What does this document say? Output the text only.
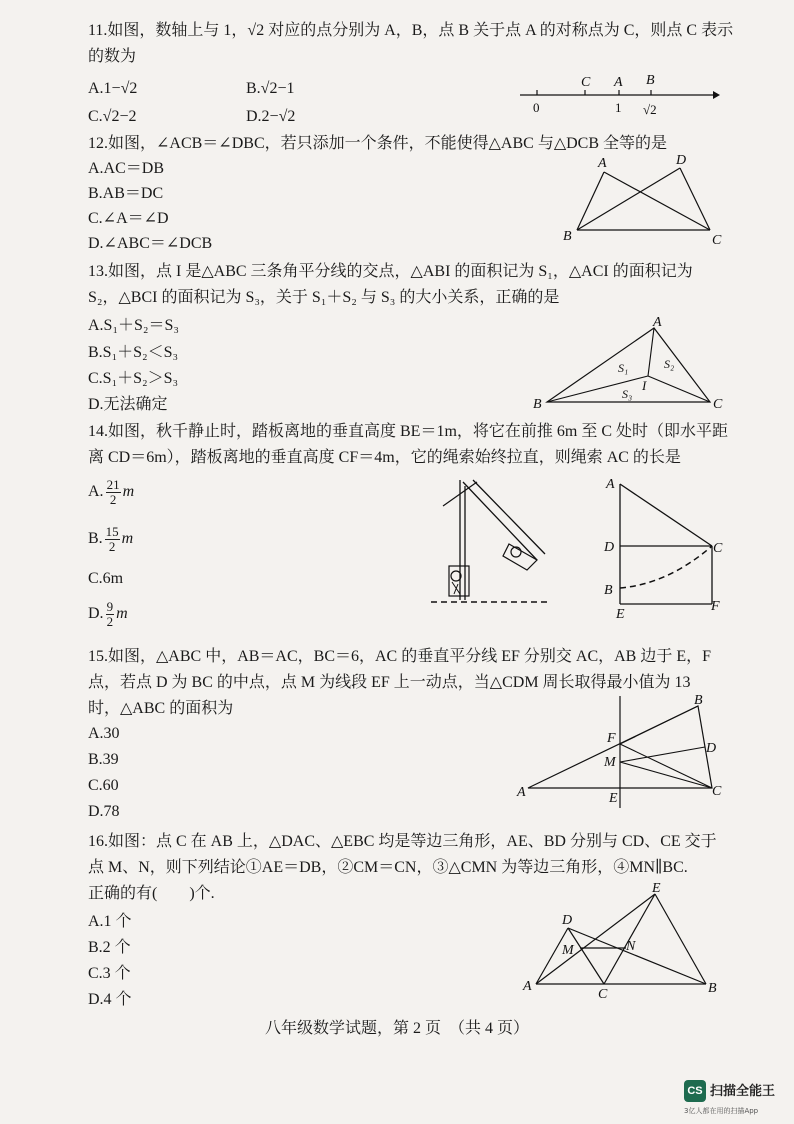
11.如图，数轴上与 1，√2 对应的点分别为 A，B，点 B 关于点 A 的对称点为 C，则点 C 表示
的数为
A.1−√2	B.√2−1
C.√2−2	D.2−√2
C A B
0	1 √2
12.如图，∠ACB＝∠DBC，若只添加一个条件，不能使得△ABC 与△DCB 全等的是
A.AC＝DB
B.AB＝DC
C.∠A＝∠D
D.∠ABC＝∠DCB
A	D
B	C
13.如图，点 I 是△ABC 三条角平分线的交点，△ABI 的面积记为 S₁，△ACI 的面积记为
S₂，△BCI 的面积记为 S₃，关于 S₁＋S₂ 与 S₃ 的大小关系，正确的是
A.S₁＋S₂＝S₃
B.S₁＋S₂＜S₃
C.S₁＋S₂＞S₃
D.无法确定
A
B	C
I
S₁	S₂
S₃
14.如图，秋千静止时，踏板离地的垂直高度 BE＝1m，将它在前推 6m 至 C 处时（即水平距
离 CD＝6m），踏板离地的垂直高度 CF＝4m，它的绳索始终拉直，则绳索 AC 的长是
A. $\frac{21}{2}$ m
B. $\frac{15}{2}$ m
C.6m
D. $\frac{9}{2}$ m
A
D	C
B
E
F
15.如图，△ABC 中，AB＝AC，BC＝6，AC 的垂直平分线 EF 分别交 AC，AB 边于 E，F
点，若点 D 为 BC 的中点，点 M 为线段 EF 上一动点，当△CDM 周长取得最小值为 13
时，△ABC 的面积为
A.30
B.39
C.60
D.78
B
F
D
M
A	E	C
16.如图：点 C 在 AB 上，△DAC、△EBC 均是等边三角形，AE、BD 分别与 CD、CE 交于
点 M、N，则下列结论①AE＝DB，②CM＝CN，③△CMN 为等边三角形，④MN∥BC.
正确的有(　　)个.
A.1 个
B.2 个
C.3 个
D.4 个
E
D
M	N
A
C	B
八年级数学试题，第 2 页　（共 4 页）
CS 扫描全能王
3亿人都在用的扫描App
